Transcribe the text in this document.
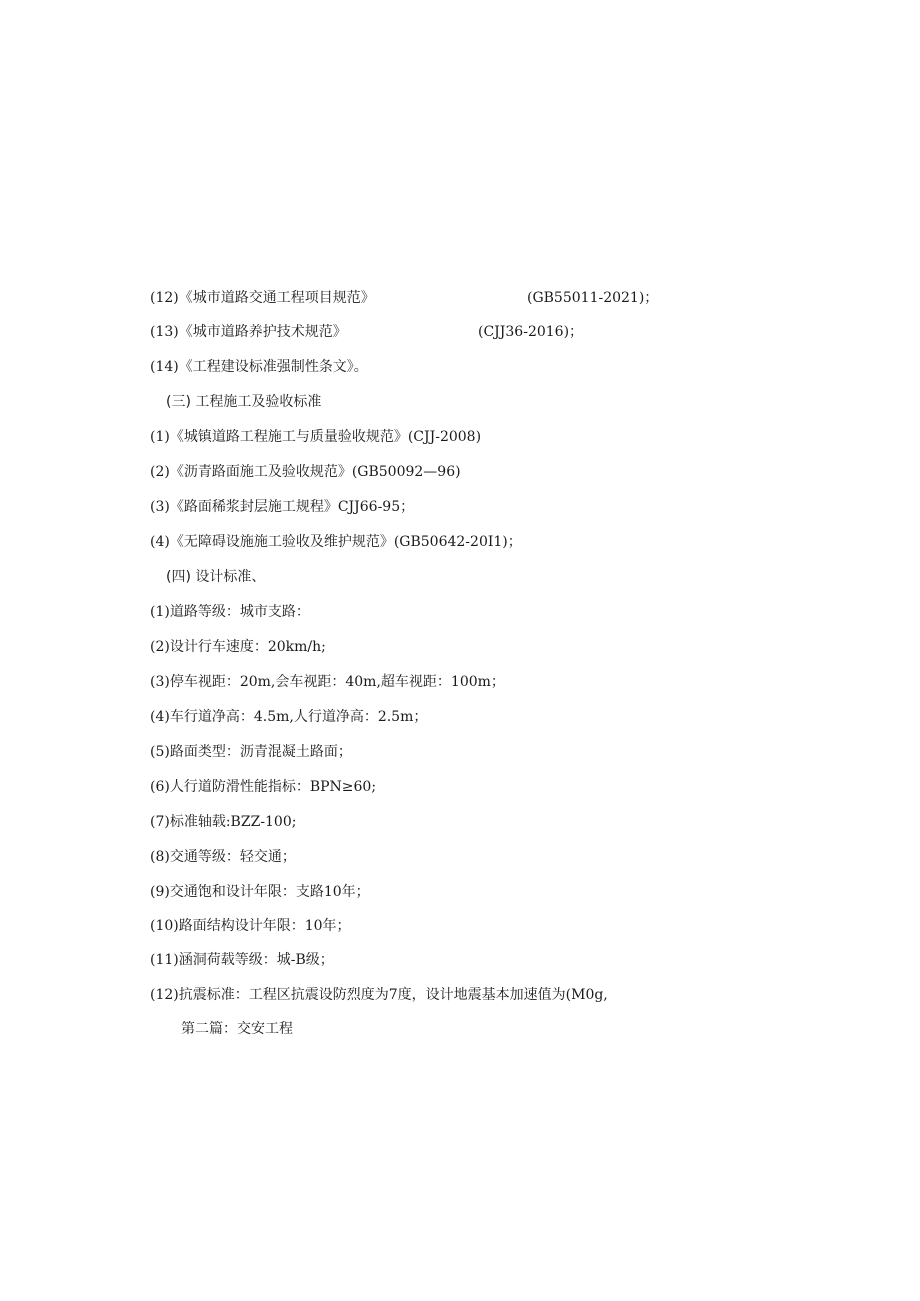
(12)《城市道路交通工程项目规范》	(GB55011-2021)；
(13)《城市道路养护技术规范》	(CJJ36-2016)；
(14)《工程建设标准强制性条文》。
(三) 工程施工及验收标准
(1)《城镇道路工程施工与质量验收规范》(CJJ-2008)
(2)《沥青路面施工及验收规范》(GB50092—96)
(3)《路面稀浆封层施工规程》CJJ66-95；
(4)《无障碍设施施工验收及维护规范》(GB50642-20I1)；
(四) 设计标准、
(1)道路等级：城市支路：
(2)设计行车速度：20km/h;
(3)停车视距：20m,会车视距：40m,超车视距：100m；
(4)车行道净高：4.5m,人行道净高：2.5m；
(5)路面类型：沥青混凝土路面；
(6)人行道防滑性能指标：BPN≥60;
(7)标准轴载:BZZ-100;
(8)交通等级：轻交通；
(9)交通饱和设计年限：支路10年；
(10)路面结构设计年限：10年；
(11)涵洞荷载等级：城-B级；
(12)抗震标准：工程区抗震设防烈度为7度，设计地震基本加速值为(M0g,
第二篇：交安工程
